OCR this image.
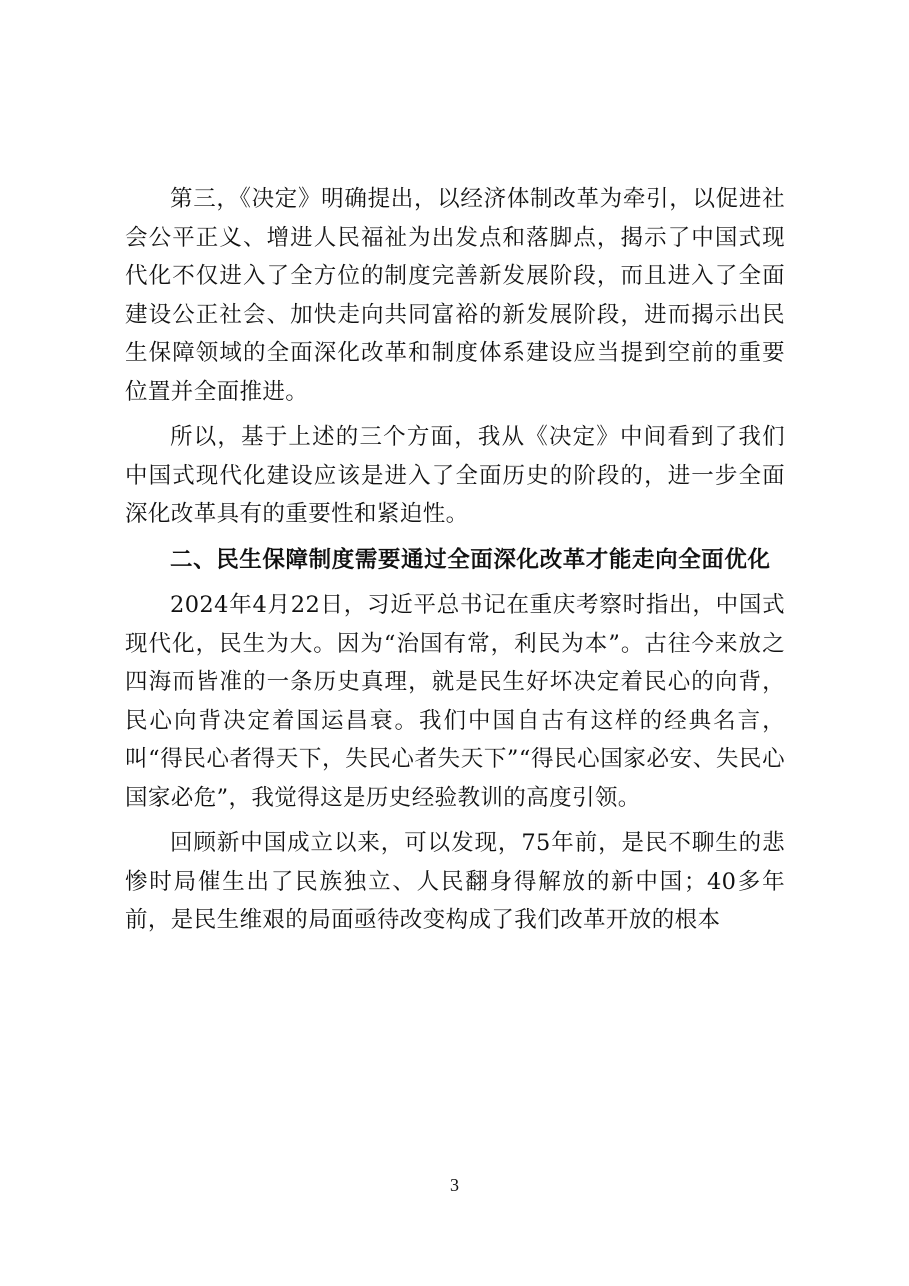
第三，《决定》明确提出，以经济体制改革为牵引，以促进社会公平正义、增进人民福祉为出发点和落脚点，揭示了中国式现代化不仅进入了全方位的制度完善新发展阶段，而且进入了全面建设公正社会、加快走向共同富裕的新发展阶段，进而揭示出民生保障领域的全面深化改革和制度体系建设应当提到空前的重要位置并全面推进。

所以，基于上述的三个方面，我从《决定》中间看到了我们中国式现代化建设应该是进入了全面历史的阶段的，进一步全面深化改革具有的重要性和紧迫性。

二、民生保障制度需要通过全面深化改革才能走向全面优化

2024年4月22日，习近平总书记在重庆考察时指出，中国式现代化，民生为大。因为“治国有常，利民为本”。古往今来放之四海而皆准的一条历史真理，就是民生好坏决定着民心的向背，民心向背决定着国运昌衰。我们中国自古有这样的经典名言，叫“得民心者得天下，失民心者失天下”“得民心国家必安、失民心国家必危”，我觉得这是历史经验教训的高度引领。

回顾新中国成立以来，可以发现，75年前，是民不聊生的悲惨时局催生出了民族独立、人民翻身得解放的新中国；40多年前，是民生维艰的局面亟待改变构成了我们改革开放的根本

3
